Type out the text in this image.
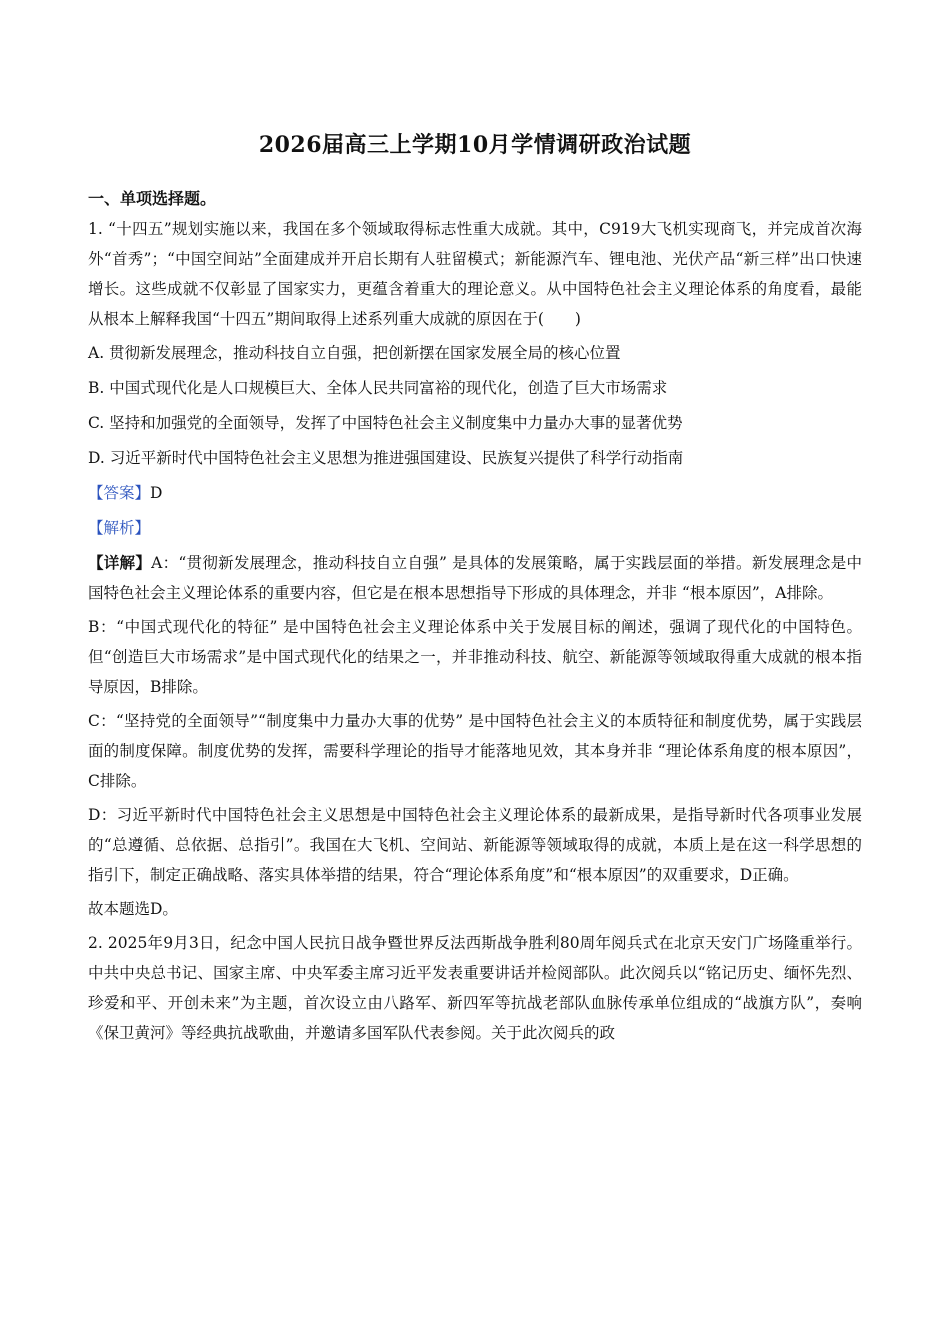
2026届高三上学期10月学情调研政治试题
一、单项选择题。

1. “十四五”规划实施以来，我国在多个领域取得标志性重大成就。其中，C919大飞机实现商飞，并完成首次海外“首秀”；“中国空间站”全面建成并开启长期有人驻留模式；新能源汽车、锂电池、光伏产品“新三样”出口快速增长。这些成就不仅彰显了国家实力，更蕴含着重大的理论意义。从中国特色社会主义理论体系的角度看，最能从根本上解释我国“十四五”期间取得上述系列重大成就的原因在于(　　)

A. 贯彻新发展理念，推动科技自立自强，把创新摆在国家发展全局的核心位置
B. 中国式现代化是人口规模巨大、全体人民共同富裕的现代化，创造了巨大市场需求
C. 坚持和加强党的全面领导，发挥了中国特色社会主义制度集中力量办大事的显著优势
D. 习近平新时代中国特色社会主义思想为推进强国建设、民族复兴提供了科学行动指南
【答案】D
【解析】

【详解】A：“贯彻新发展理念，推动科技自立自强” 是具体的发展策略，属于实践层面的举措。新发展理念是中国特色社会主义理论体系的重要内容，但它是在根本思想指导下形成的具体理念，并非 “根本原因”，A排除。

B：“中国式现代化的特征” 是中国特色社会主义理论体系中关于发展目标的阐述，强调了现代化的中国特色。但“创造巨大市场需求”是中国式现代化的结果之一，并非推动科技、航空、新能源等领域取得重大成就的根本指导原因，B排除。

C：“坚持党的全面领导”“制度集中力量办大事的优势” 是中国特色社会主义的本质特征和制度优势，属于实践层面的制度保障。制度优势的发挥，需要科学理论的指导才能落地见效，其本身并非 “理论体系角度的根本原因”，C排除。

D：习近平新时代中国特色社会主义思想是中国特色社会主义理论体系的最新成果，是指导新时代各项事业发展的“总遵循、总依据、总指引”。我国在大飞机、空间站、新能源等领域取得的成就，本质上是在这一科学思想的指引下，制定正确战略、落实具体举措的结果，符合“理论体系角度”和“根本原因”的双重要求，D正确。

故本题选D。

2. 2025年9月3日，纪念中国人民抗日战争暨世界反法西斯战争胜利80周年阅兵式在北京天安门广场隆重举行。中共中央总书记、国家主席、中央军委主席习近平发表重要讲话并检阅部队。此次阅兵以“铭记历史、缅怀先烈、珍爱和平、开创未来”为主题，首次设立由八路军、新四军等抗战老部队血脉传承单位组成的“战旗方队”，奏响《保卫黄河》等经典抗战歌曲，并邀请多国军队代表参阅。关于此次阅兵的政
